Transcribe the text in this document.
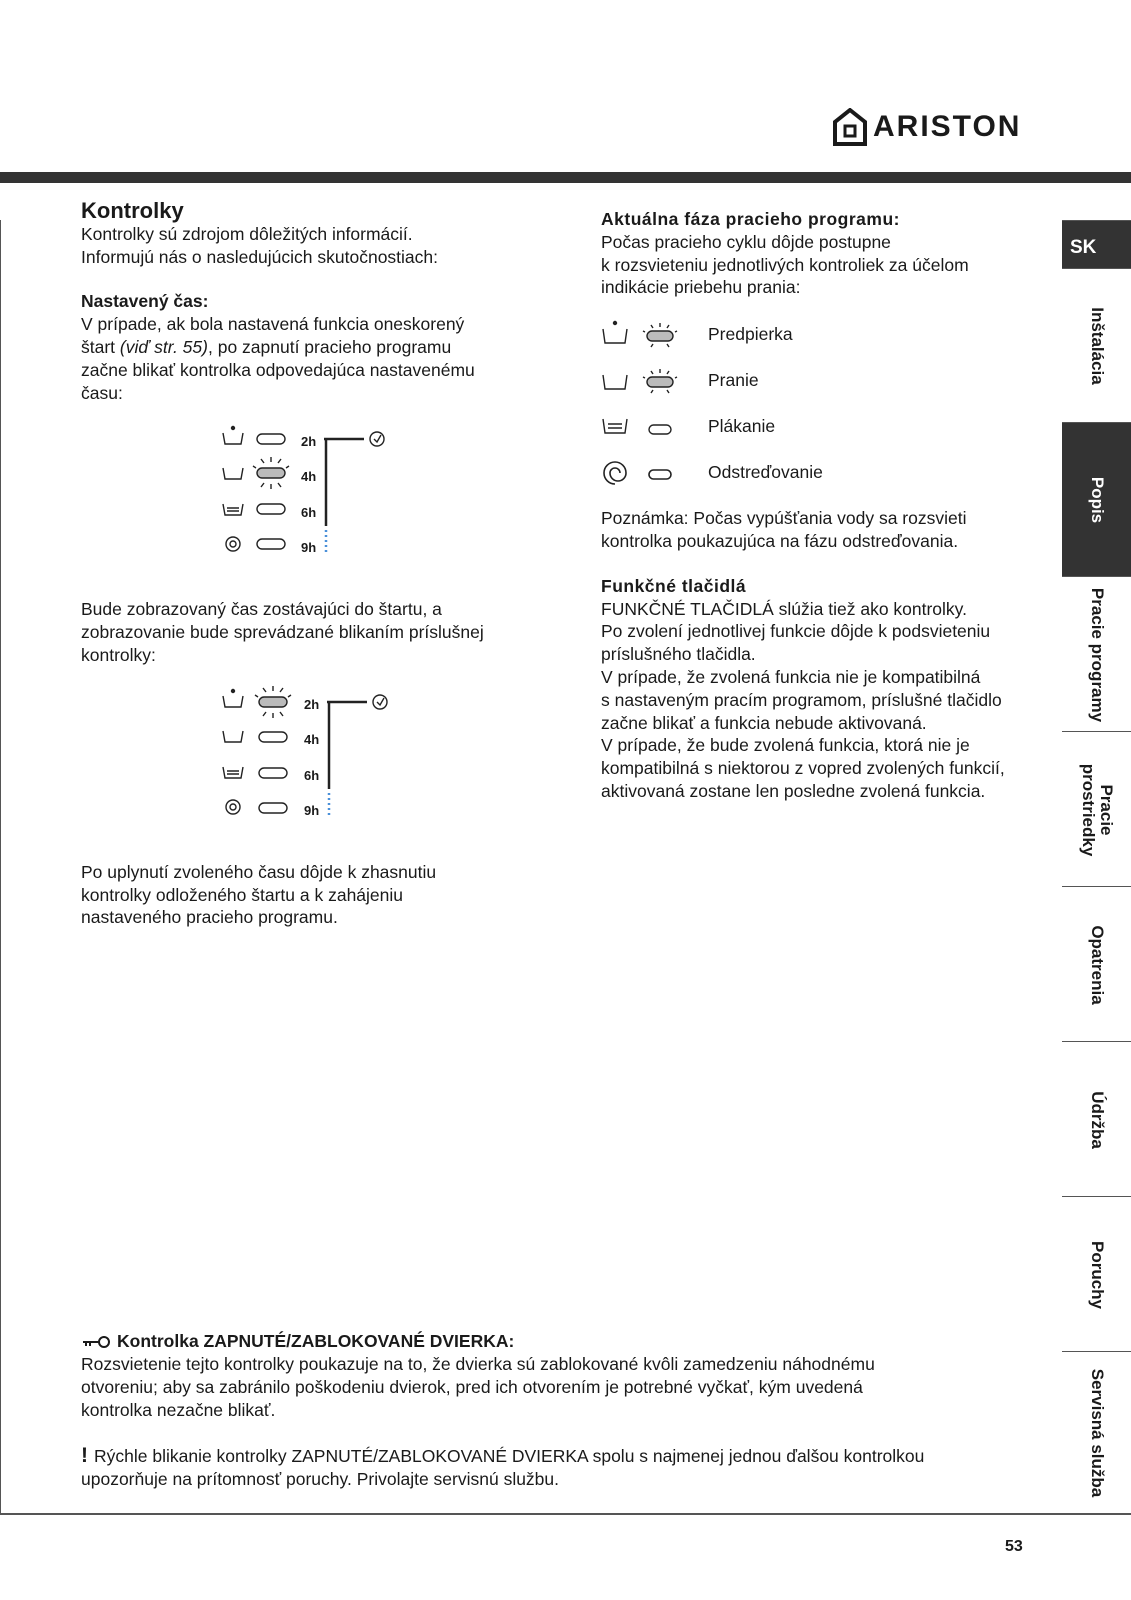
ARISTON

Kontrolky

Kontrolky sú zdrojom dôležitých informácií.

Informujú nás o nasledujúcich skutočnostiach:

Nastavený čas:

V prípade, ak bola nastavená funkcia oneskorený

štart (viď str. 55), po zapnutí pracieho programu

začne blikať kontrolka odpovedajúca nastavenému

času:

2h
4h
6h
9h

Bude zobrazovaný čas zostávajúci do štartu, a

zobrazovanie bude sprevádzané blikaním príslušnej

kontrolky:

2h
4h
6h
9h

Po uplynutí zvoleného času dôjde k zhasnutiu

kontrolky odloženého štartu a k zahájeniu

nastaveného pracieho programu.

Aktuálna fáza pracieho programu:

Počas pracieho cyklu dôjde postupne

k rozsvieteniu jednotlivých kontroliek za účelom

indikácie priebehu prania:

Predpierka
Pranie
Plákanie
Odstreďovanie

Poznámka: Počas vypúšťania vody sa rozsvieti

kontrolka poukazujúca na fázu odstreďovania.

Funkčné tlačidlá

FUNKČNÉ TLAČIDLÁ slúžia tiež ako kontrolky.

Po zvolení jednotlivej funkcie dôjde k podsvieteniu

príslušného tlačidla.

V prípade, že zvolená funkcia nie je kompatibilná

s nastaveným pracím programom, príslušné tlačidlo

začne blikať a funkcia nebude aktivovaná.

V prípade, že bude zvolená funkcia, ktorá nie je

kompatibilná s niektorou z vopred zvolených funkcií,

aktivovaná zostane len posledne zvolená funkcia.

Kontrolka ZAPNUTÉ/ZABLOKOVANÉ DVIERKA:

Rozsvietenie tejto kontrolky poukazuje na to, že dvierka sú zablokované kvôli zamedzeniu náhodnému

otvoreniu; aby sa zabránilo poškodeniu dvierok, pred ich otvorením je potrebné vyčkať, kým uvedená

kontrolka nezačne blikať.

! Rýchle blikanie kontrolky ZAPNUTÉ/ZABLOKOVANÉ DVIERKA spolu s najmenej jednou ďalšou kontrolkou

upozorňuje na prítomnosť poruchy. Privolajte servisnú službu.

SK
Inštalácia
Popis
Pracie programy
Pracie prostriedky
Opatrenia
Údržba
Poruchy
Servisná služba
53
